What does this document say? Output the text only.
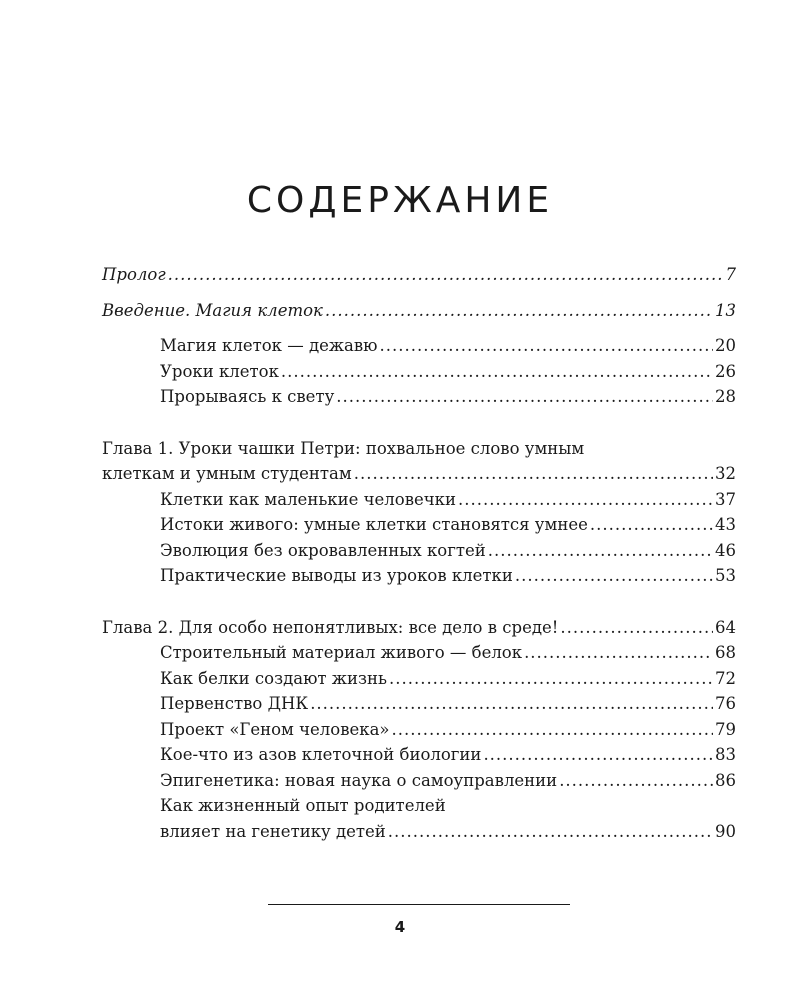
СОДЕРЖАНИЕ
Пролог .....	7
Введение. Магия клеток .....	13
Магия клеток — дежавю .....	20
Уроки клеток .....	26
Прорываясь к свету .....	28
Глава 1. Уроки чашки Петри: похвальное слово умным
клеткам и умным студентам .....	32
Клетки как маленькие человечки .....	37
Истоки живого: умные клетки становятся умнее .....	43
Эволюция без окровавленных когтей .....	46
Практические выводы из уроков клетки .....	53
Глава 2. Для особо непонятливых: все дело в среде! .....	64
Строительный материал живого — белок .....	68
Как белки создают жизнь .....	72
Первенство ДНК .....	76
Проект «Геном человека» .....	79
Кое-что из азов клеточной биологии .....	83
Эпигенетика: новая наука о самоуправлении .....	86
Как жизненный опыт родителей
влияет на генетику детей .....	90
4
